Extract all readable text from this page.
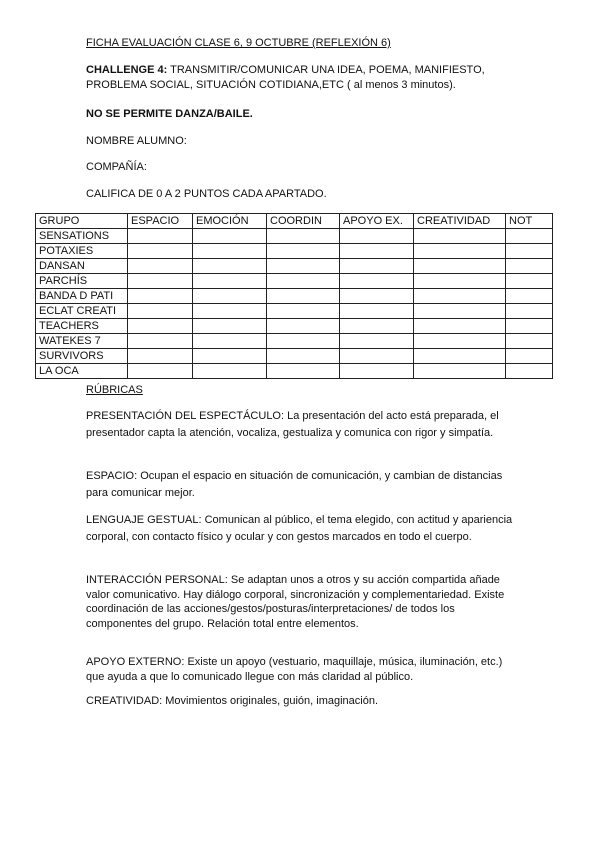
FICHA EVALUACIÓN CLASE 6, 9 OCTUBRE (REFLEXIÓN 6)
CHALLENGE 4: TRANSMITIR/COMUNICAR UNA IDEA, POEMA, MANIFIESTO, PROBLEMA SOCIAL, SITUACIÓN COTIDIANA,ETC ( al menos 3 minutos).
NO SE PERMITE DANZA/BAILE.
NOMBRE ALUMNO:
COMPAÑÍA:
CALIFICA DE 0 A 2 PUNTOS CADA APARTADO.
GRUPO	ESPACIO	EMOCIÓN	COORDIN	APOYO EX.	CREATIVIDAD	NOT
SENSATIONS						
POTAXIES						
DANSAN						
PARCHÍS						
BANDA D PATI						
ECLAT CREATI						
TEACHERS						
WATEKES 7						
SURVIVORS						
LA OCA						
RÚBRICAS
PRESENTACIÓN DEL ESPECTÁCULO: La presentación del acto está preparada, el presentador capta la atención, vocaliza, gestualiza y comunica con rigor y simpatía.
ESPACIO: Ocupan el espacio en situación de comunicación, y cambian de distancias para comunicar mejor.
LENGUAJE GESTUAL: Comunican al público, el tema elegido, con actitud y apariencia corporal, con contacto físico y ocular y con gestos marcados en todo el cuerpo.
INTERACCIÓN PERSONAL: Se adaptan unos a otros y su acción compartida añade valor comunicativo. Hay diálogo corporal, sincronización y complementariedad. Existe coordinación de las acciones/gestos/posturas/interpretaciones/ de todos los componentes del grupo. Relación total entre elementos.
APOYO EXTERNO: Existe un apoyo (vestuario, maquillaje, música, iluminación, etc.) que ayuda a que lo comunicado llegue con más claridad al público.
CREATIVIDAD: Movimientos originales, guión, imaginación.
